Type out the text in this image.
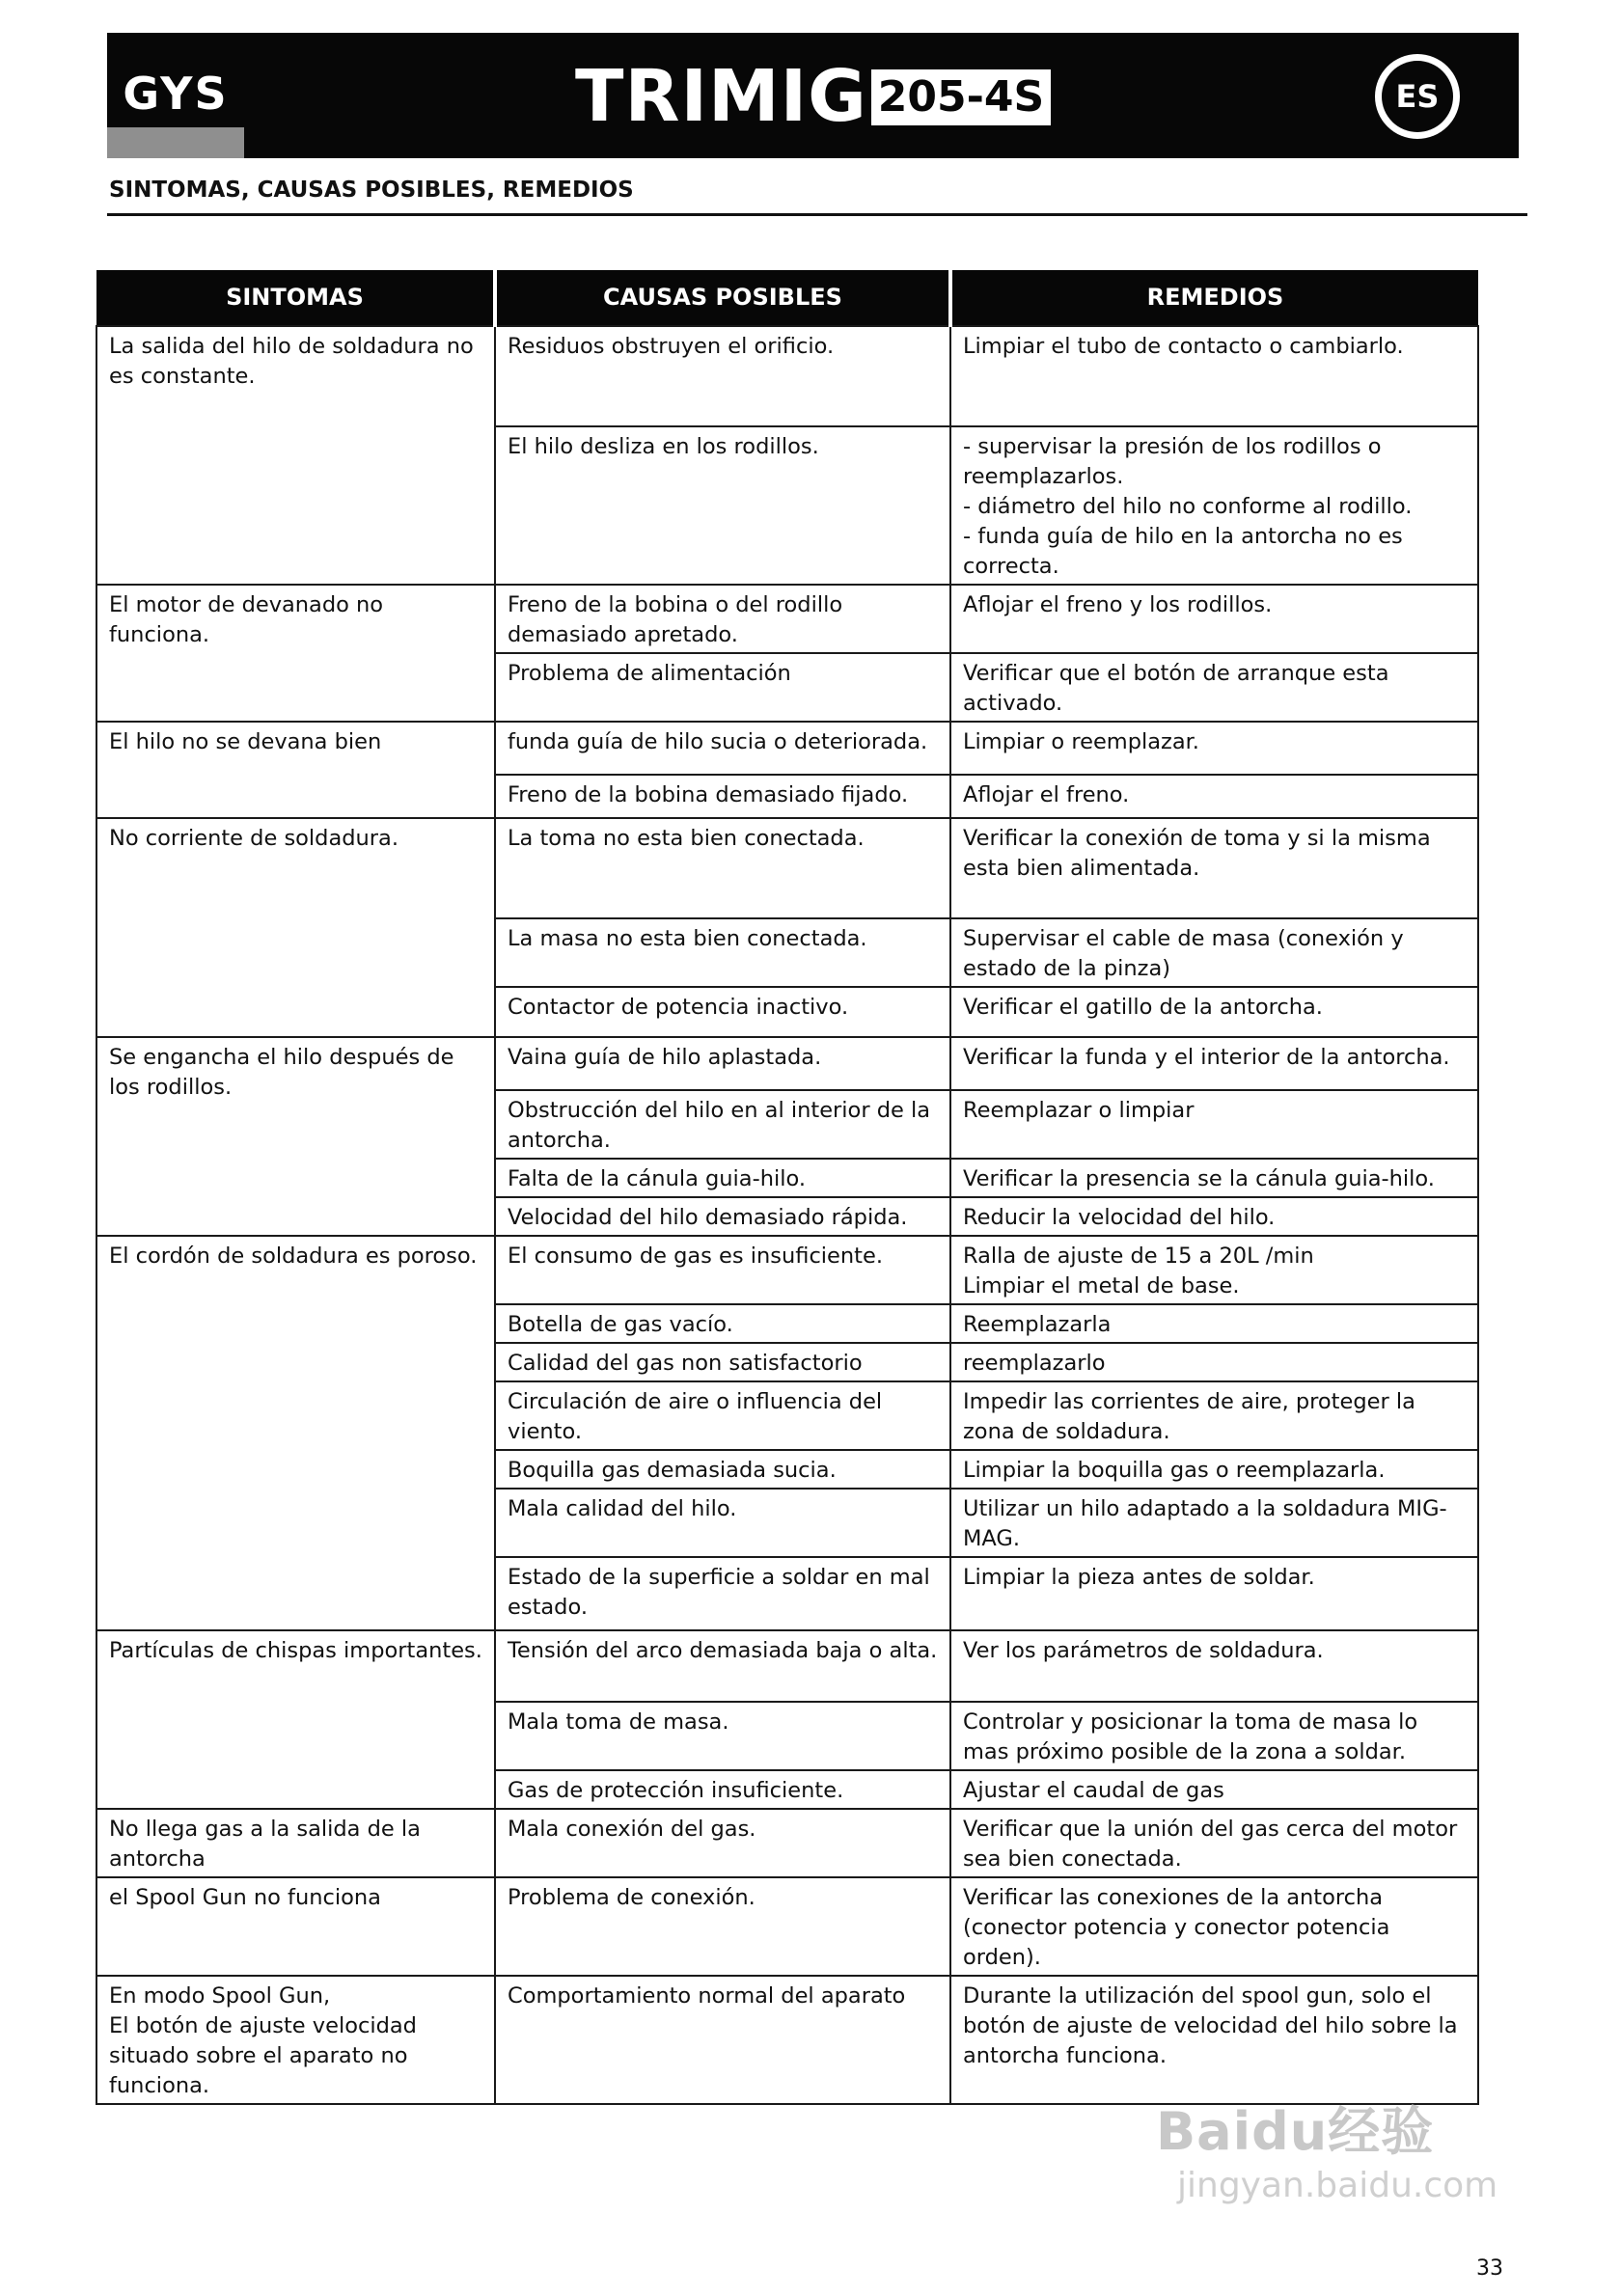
GYS	TRIMIG 205-4S	ES
SINTOMAS, CAUSAS POSIBLES, REMEDIOS
SINTOMAS	CAUSAS POSIBLES	REMEDIOS
La salida del hilo de soldadura no es constante.	Residuos obstruyen el orificio.	Limpiar el tubo de contacto o cambiarlo.
	El hilo desliza en los rodillos.	- supervisar la presión de los rodillos o reemplazarlos.
- diámetro del hilo no conforme al rodillo.
- funda guía de hilo en la antorcha no es correcta.
El motor de devanado no funciona.	Freno de la bobina o del rodillo demasiado apretado.	Aflojar el freno y los rodillos.
	Problema de alimentación	Verificar que el botón de arranque esta activado.
El hilo no se devana bien	funda guía de hilo sucia o deteriorada.	Limpiar o reemplazar.
	Freno de la bobina demasiado fijado.	Aflojar el freno.
No corriente de soldadura.	La toma no esta bien conectada.	Verificar la conexión de toma y si la misma esta bien alimentada.
	La masa no esta bien conectada.	Supervisar el cable de masa (conexión y estado de la pinza)
	Contactor de potencia inactivo.	Verificar el gatillo de la antorcha.
Se engancha el hilo después de los rodillos.	Vaina guía de hilo aplastada.	Verificar la funda y el interior de la antorcha.
	Obstrucción del hilo en al interior de la antorcha.	Reemplazar o limpiar
	Falta de la cánula guia-hilo.	Verificar la presencia se la cánula guia-hilo.
	Velocidad del hilo demasiado rápida.	Reducir la velocidad del hilo.
El cordón de soldadura es poroso.	El consumo de gas es insuficiente.	Ralla de ajuste de 15 a 20L /min
Limpiar el metal de base.
	Botella de gas vacío.	Reemplazarla
	Calidad del gas non satisfactorio	reemplazarlo
	Circulación de aire o influencia del viento.	Impedir las corrientes de aire, proteger la zona de soldadura.
	Boquilla gas demasiada sucia.	Limpiar la boquilla gas o reemplazarla.
	Mala calidad del hilo.	Utilizar un hilo adaptado a la soldadura MIG-MAG.
	Estado de la superficie a soldar en mal estado.	Limpiar la pieza antes de soldar.
Partículas de chispas importantes.	Tensión del arco demasiada baja o alta.	Ver los parámetros de soldadura.
	Mala toma de masa.	Controlar y posicionar la toma de masa lo mas próximo posible de la zona a soldar.
	Gas de protección insuficiente.	Ajustar el caudal de gas
No llega gas a la salida de la antorcha	Mala conexión del gas.	Verificar que la unión del gas cerca del motor sea bien conectada.
el Spool Gun no funciona	Problema de conexión.	Verificar las conexiones de la antorcha (conector potencia y conector potencia orden).
En modo Spool Gun,
El botón de ajuste velocidad situado sobre el aparato no funciona.	Comportamiento normal del aparato	Durante la utilización del spool gun, solo el botón de ajuste de velocidad del hilo sobre la antorcha funciona.
Baidu经验
jingyan.baidu.com
33
